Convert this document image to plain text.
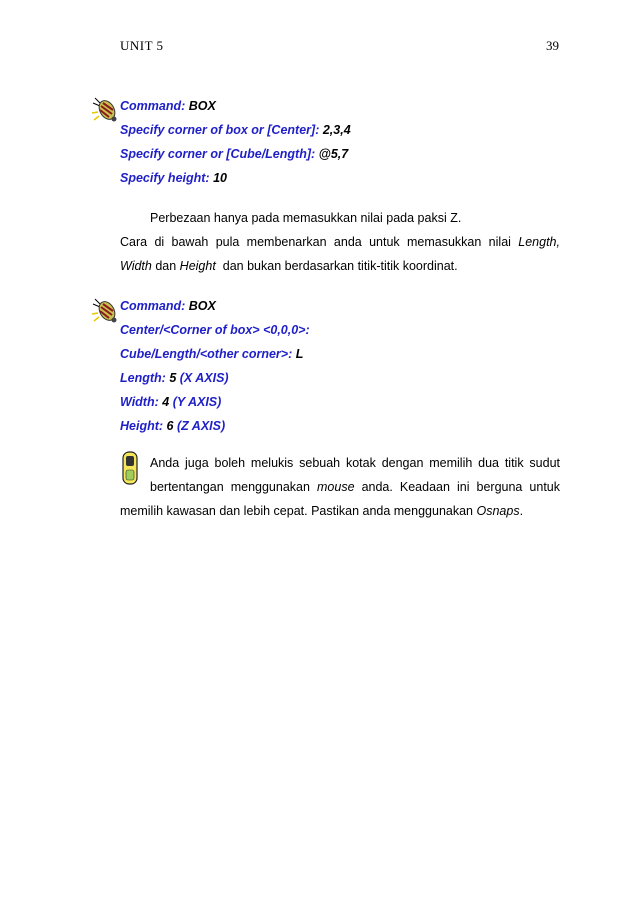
UNIT 5	39
Command: BOX
Specify corner of box or [Center]: 2,3,4
Specify corner or [Cube/Length]: @5,7
Specify height: 10
Perbezaan hanya pada memasukkan nilai pada paksi Z.
Cara di bawah pula membenarkan anda untuk memasukkan nilai Length,
Width dan Height dan bukan berdasarkan titik-titik koordinat.
Command: BOX
Center/<Corner of box> <0,0,0>:
Cube/Length/<other corner>: L
Length: 5 (X AXIS)
Width: 4 (Y AXIS)
Height: 6 (Z AXIS)
Anda juga boleh melukis sebuah kotak dengan memilih dua titik sudut
bertentangan menggunakan mouse anda. Keadaan ini berguna untuk
memilih kawasan dan lebih cepat. Pastikan anda menggunakan Osnaps.
